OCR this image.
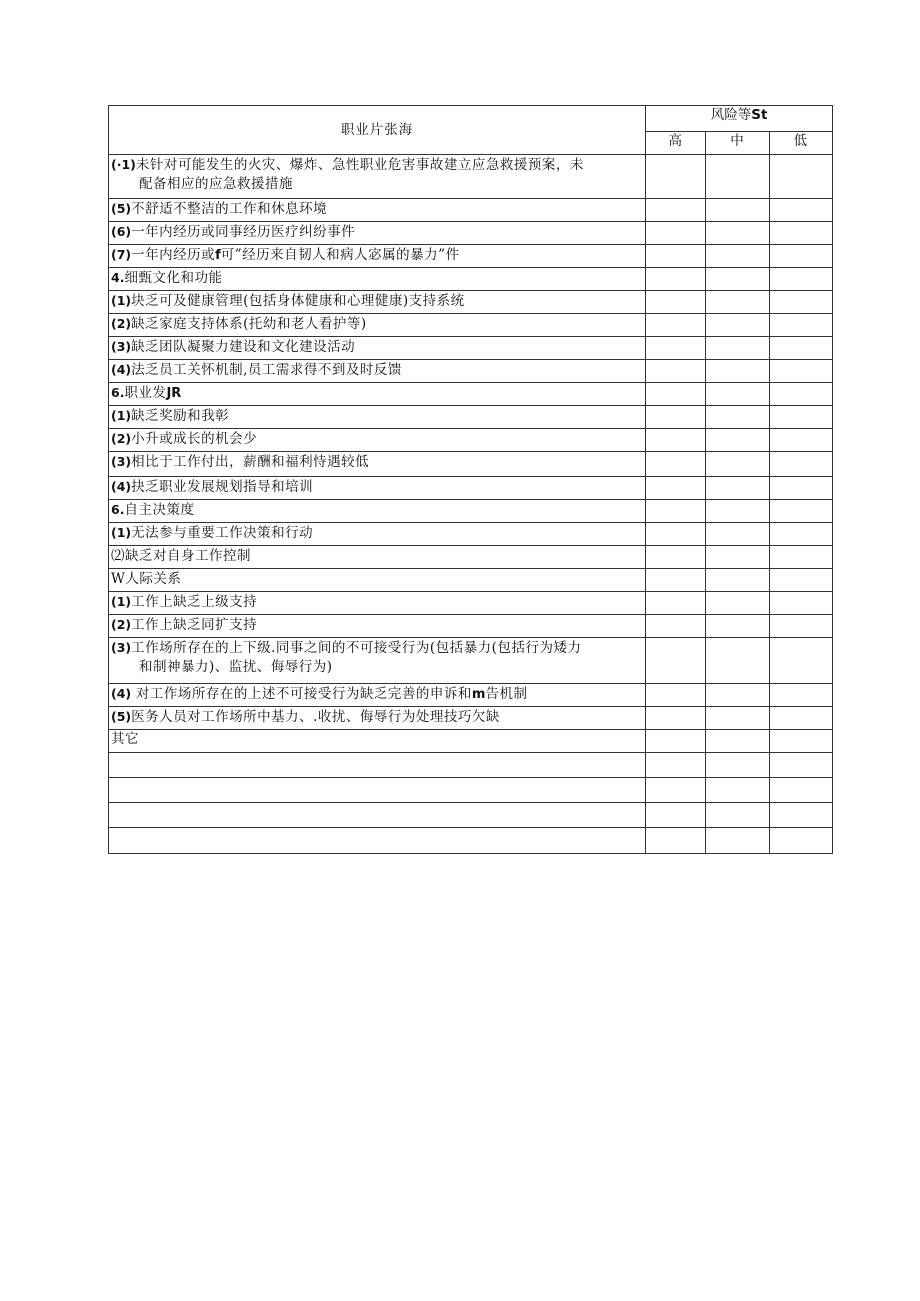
职业片张海	风险等St		
	高	中	低
(·1)未针对可能发生的火灾、爆炸、急性职业危害事故建立应急救援预案，未
配备相应的应急救援措施			

(5)不舒适不整洁的工作和休息环境			
(6)一年内经历或同事经历医疗纠纷事件			
(7)一年内经历或f可”经历来自韧人和病人宓属的暴力”件			
4.细甄文化和功能			
(1)块乏可及健康管理(包括身体健康和心理健康)支持系统			
(2)缺乏家庭支持体系(托幼和老人看护等)			
(3)缺乏团队凝聚力建设和文化建设活动			
(4)法乏员工关怀机制,员工需求得不到及时反馈			
6.职业发JR			
(1)缺乏奖励和我彰			
(2)小升或成长的机会少			
(3)相比于工作付出，薪酬和福利恃遇较低			
(4)抉乏职业发展规划指导和培训			
6.自主决策度			
(1)无法参与重要工作决策和行动			
⑵缺乏对自身工作控制			
W人际关系			
(1)工作上缺乏上级支持			
(2)工作上缺乏同扩支持			
(3)工作场所存在的上下级.同事之间的不可接受行为(包括暴力(包括行为矮力
和制神暴力)、监扰、侮辱行为)			

(4) 对工作场所存在的上述不可接受行为缺乏完善的申诉和m告机制			
(5)医务人员对工作场所中基力、.收扰、侮辱行为处理技巧欠缺			
其它			
